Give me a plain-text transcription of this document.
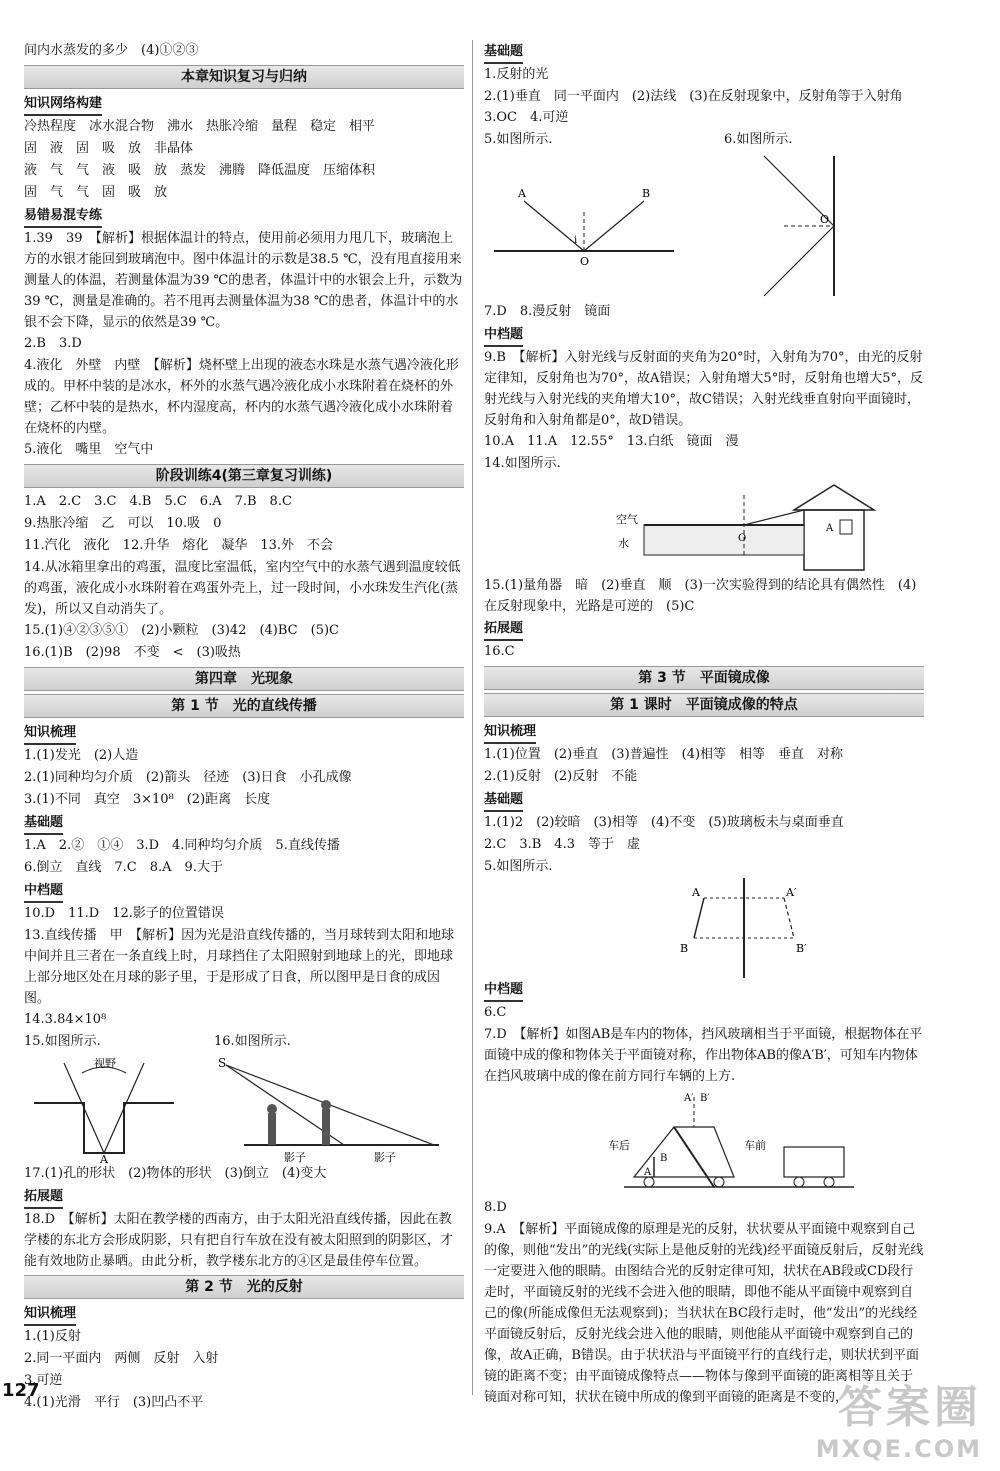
间内水蒸发的多少　(4)①②③
本章知识复习与归纳
知识网络构建
冷热程度　冰水混合物　沸水　热胀冷缩　量程　稳定　相平
固　液　固　吸　放　非晶体
液　气　气　液　吸　放　蒸发　沸腾　降低温度　压缩体积
固　气　气　固　吸　放
易错易混专练
1.39　39　【解析】根据体温计的特点，使用前必须用力甩几下，玻璃泡上方的水银才能回到玻璃泡中。图中体温计的示数是38.5 ℃，没有甩直接用来测量人的体温，若测量体温为39 ℃的患者，体温计中的水银会上升，示数为39 ℃，测量是准确的。若不甩再去测量体温为38 ℃的患者，体温计中的水银不会下降，显示的依然是39 ℃。
2.B　3.D
4.液化　外壁　内壁　【解析】烧杯壁上出现的液态水珠是水蒸气遇冷液化形成的。甲杯中装的是冰水，杯外的水蒸气遇冷液化成小水珠附着在烧杯的外壁；乙杯中装的是热水，杯内湿度高，杯内的水蒸气遇冷液化成小水珠附着在烧杯的内壁。
5.液化　嘴里　空气中
阶段训练4(第三章复习训练)
1.A　2.C　3.C　4.B　5.C　6.A　7.B　8.C
9.热胀冷缩　乙　可以　10.吸　0
11.汽化　液化　12.升华　熔化　凝华　13.外　不会
14.从冰箱里拿出的鸡蛋，温度比室温低，室内空气中的水蒸气遇到温度较低的鸡蛋，液化成小水珠附着在鸡蛋外壳上，过一段时间，小水珠发生汽化(蒸发)，所以又自动消失了。
15.(1)④②③⑤①　(2)小颗粒　(3)42　(4)BC　(5)C
16.(1)B　(2)98　不变　<　(3)吸热
第四章　光现象
第 1 节　光的直线传播
知识梳理
1.(1)发光　(2)人造
2.(1)同种均匀介质　(2)箭头　径迹　(3)日食　小孔成像
3.(1)不同　真空　3×10⁸　(2)距离　长度
基础题
1.A　2.②　①④　3.D　4.同种均匀介质　5.直线传播
6.倒立　直线　7.C　8.A　9.大于
中档题
10.D　11.D　12.影子的位置错误
13.直线传播　甲　【解析】因为光是沿直线传播的，当月球转到太阳和地球中间并且三者在一条直线上时，月球挡住了太阳照射到地球上的光，即地球上部分地区处在月球的影子里，于是形成了日食，所以图甲是日食的成因图。
14.3.84×10⁸
15.如图所示.
视野
A
16.如图所示.
S
影子	影子
17.(1)孔的形状　(2)物体的形状　(3)倒立　(4)变大
拓展题
18.D　【解析】太阳在教学楼的西南方，由于太阳光沿直线传播，因此在教学楼的东北方会形成阴影，只有把自行车放在没有被太阳照到的阴影区，才能有效地防止暴晒。由此分析，教学楼东北方的④区是最佳停车位置。
第 2 节　光的反射
知识梳理
1.(1)反射
2.同一平面内　两侧　反射　入射
3.可逆
4.(1)光滑　平行　(3)凹凸不平
基础题
1.反射的光
2.(1)垂直　同一平面内　(2)法线　(3)在反射现象中，反射角等于入射角
3.OC　4.可逆
5.如图所示.
A	B
O
i
6.如图所示.
O
7.D　8.漫反射　镜面
中档题
9.B　【解析】入射光线与反射面的夹角为20°时，入射角为70°，由光的反射定律知，反射角也为70°，故A错误；入射角增大5°时，反射角也增大5°，反射光线与入射光线的夹角增大10°，故C错误；入射光线垂直射向平面镜时，反射角和入射角都是0°，故D错误。
10.A　11.A　12.55°　13.白纸　镜面　漫
14.如图所示.
空气
水
A
O
15.(1)量角器　暗　(2)垂直　顺　(3)一次实验得到的结论具有偶然性　(4)在反射现象中，光路是可逆的　(5)C
拓展题
16.C
第 3 节　平面镜成像
第 1 课时　平面镜成像的特点
知识梳理
1.(1)位置　(2)垂直　(3)普遍性　(4)相等　相等　垂直　对称
2.(1)反射　(2)反射　不能
基础题
1.(1)2　(2)较暗　(3)相等　(4)不变　(5)玻璃板未与桌面垂直
2.C　3.B　4.3　等于　虚
5.如图所示.
A	A′
B	B′
中档题
6.C
7.D　【解析】如图AB是车内的物体，挡风玻璃相当于平面镜，根据物体在平面镜中成的像和物体关于平面镜对称，作出物体AB的像A′B′，可知车内物体在挡风玻璃中成的像在前方同行车辆的上方.
车后	车前
A
B
A′ B′
8.D
9.A　【解析】平面镜成像的原理是光的反射，状状要从平面镜中观察到自己的像，则他“发出”的光线(实际上是他反射的光线)经平面镜反射后，反射光线一定要进入他的眼睛。由图结合光的反射定律可知，状状在AB段或CD段行走时，平面镜反射的光线不会进入他的眼睛，即他不能从平面镜中观察到自己的像(所能成像但无法观察到)；当状状在BC段行走时，他“发出”的光线经平面镜反射后，反射光线会进入他的眼睛，则他能从平面镜中观察到自己的像，故A正确，B错误。由于状状沿与平面镜平行的直线行走，则状状到平面镜的距离不变；由平面镜成像特点——物体与像到平面镜的距离相等且关于镜面对称可知，状状在镜中所成的像到平面镜的距离是不变的，
127	答案圈
MXQE.COM
